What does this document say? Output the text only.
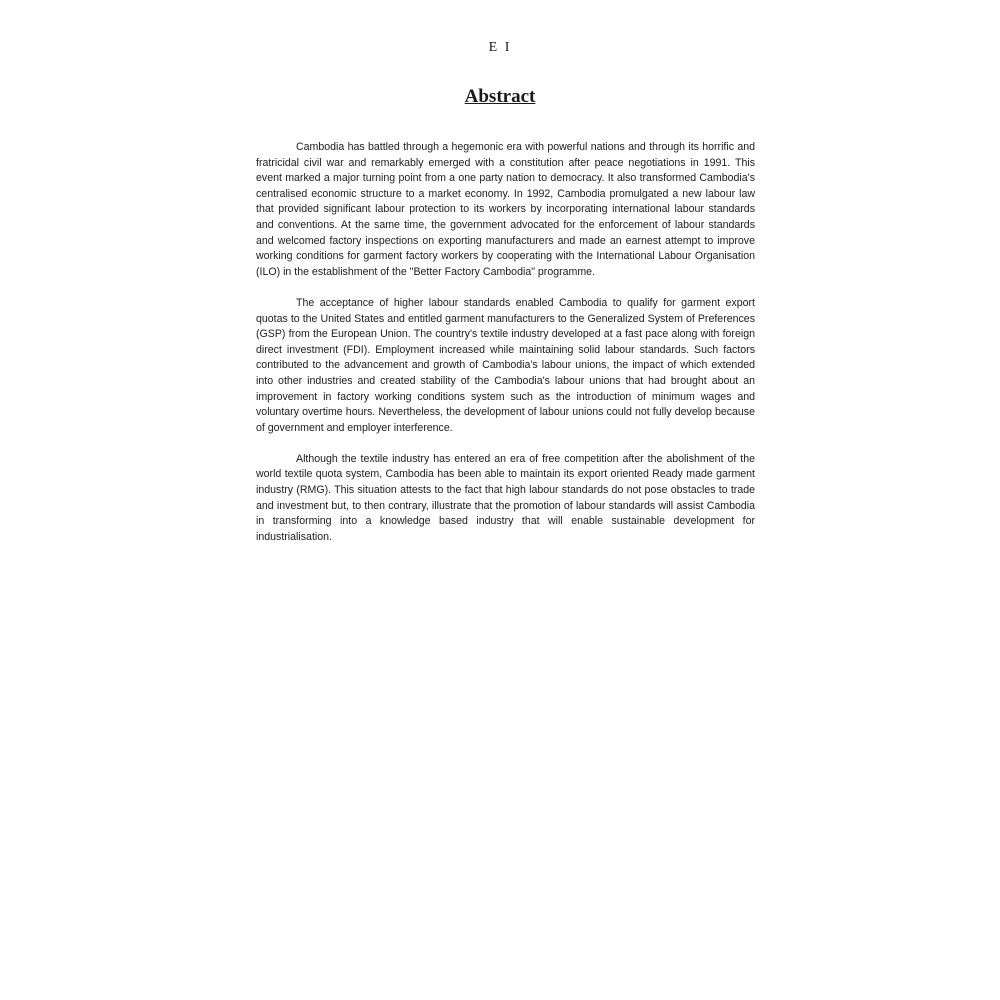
E I
Abstract

Cambodia has battled through a hegemonic era with powerful nations and through its horrific and fratricidal civil war and remarkably emerged with a constitution after peace negotiations in 1991. This event marked a major turning point from a one party nation to democracy. It also transformed Cambodia's centralised economic structure to a market economy. In 1992, Cambodia promulgated a new labour law that provided significant labour protection to its workers by incorporating international labour standards and conventions. At the same time, the government advocated for the enforcement of labour standards and welcomed factory inspections on exporting manufacturers and made an earnest attempt to improve working conditions for garment factory workers by cooperating with the International Labour Organisation (ILO) in the establishment of the "Better Factory Cambodia" programme.

The acceptance of higher labour standards enabled Cambodia to qualify for garment export quotas to the United States and entitled garment manufacturers to the Generalized System of Preferences (GSP) from the European Union. The country's textile industry developed at a fast pace along with foreign direct investment (FDI). Employment increased while maintaining solid labour standards. Such factors contributed to the advancement and growth of Cambodia's labour unions, the impact of which extended into other industries and created stability of the Cambodia's labour unions that had brought about an improvement in factory working conditions system such as the introduction of minimum wages and voluntary overtime hours. Nevertheless, the development of labour unions could not fully develop because of government and employer interference.

Although the textile industry has entered an era of free competition after the abolishment of the world textile quota system, Cambodia has been able to maintain its export oriented Ready made garment industry (RMG). This situation attests to the fact that high labour standards do not pose obstacles to trade and investment but, to then contrary, illustrate that the promotion of labour standards will assist Cambodia in transforming into a knowledge based industry that will enable sustainable development for industrialisation.
